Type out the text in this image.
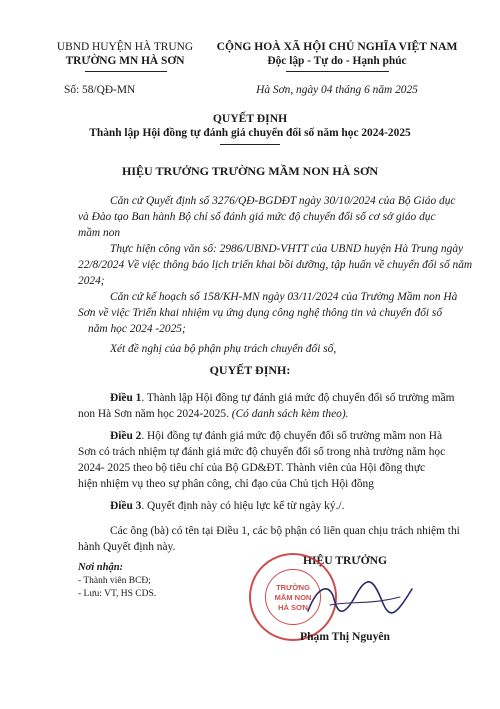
UBND HUYỆN HÀ TRUNG
TRƯỜNG MN HÀ SƠN
Số: 58/QĐ-MN
CỘNG HOÀ XÃ HỘI CHỦ NGHĨA VIỆT NAM
Độc lập - Tự do - Hạnh phúc
Hà Sơn, ngày 04 tháng 6 năm 2025
QUYẾT ĐỊNH
Thành lập Hội đồng tự đánh giá chuyển đổi số năm học 2024-2025
HIỆU TRƯỞNG TRƯỜNG MẦM NON HÀ SƠN
Căn cứ Quyết định số 3276/QĐ-BGDĐT ngày 30/10/2024 của Bộ Giáo dục
và Đào tạo Ban hành Bộ chỉ số đánh giá mức độ chuyển đổi số cơ sở giáo dục
mầm non
Thực hiện công văn số: 2986/UBND-VHTT của UBND huyện Hà Trung ngày
22/8/2024 Về việc thông báo lịch triển khai bồi dưỡng, tập huấn về chuyển đổi số năm
2024;
Căn cứ kế hoạch số 158/KH-MN ngày 03/11/2024 của Trường Mầm non Hà
Sơn về việc Triển khai nhiệm vụ ứng dụng công nghệ thông tin và chuyển đổi số
năm học 2024 -2025;
Xét đề nghị của bộ phận phụ trách chuyển đổi số,
QUYẾT ĐỊNH:
Điều 1. Thành lập Hội đồng tự đánh giá mức độ chuyển đổi số trường mầm
non Hà Sơn năm học 2024-2025. (Có danh sách kèm theo).
Điều 2. Hội đồng tự đánh giá mức độ chuyển đổi số trường mầm non Hà
Sơn có trách nhiệm tự đánh giá mức độ chuyển đổi số trong nhà trường năm học
2024- 2025 theo bộ tiêu chí của Bộ GD&ĐT. Thành viên của Hội đồng thực
hiện nhiệm vụ theo sự phân công, chỉ đạo của Chủ tịch Hội đồng
Điều 3. Quyết định này có hiệu lực kể từ ngày ký./.
Các ông (bà) có tên tại Điều 1, các bộ phận có liên quan chịu trách nhiệm thi
hành Quyết định này.
Nơi nhận:
- Thành viên BCĐ;
- Lưu: VT, HS CDS.
HIỆU TRƯỞNG
TRƯỜNG
MẦM NON
HÀ SƠN
Phạm Thị Nguyên
